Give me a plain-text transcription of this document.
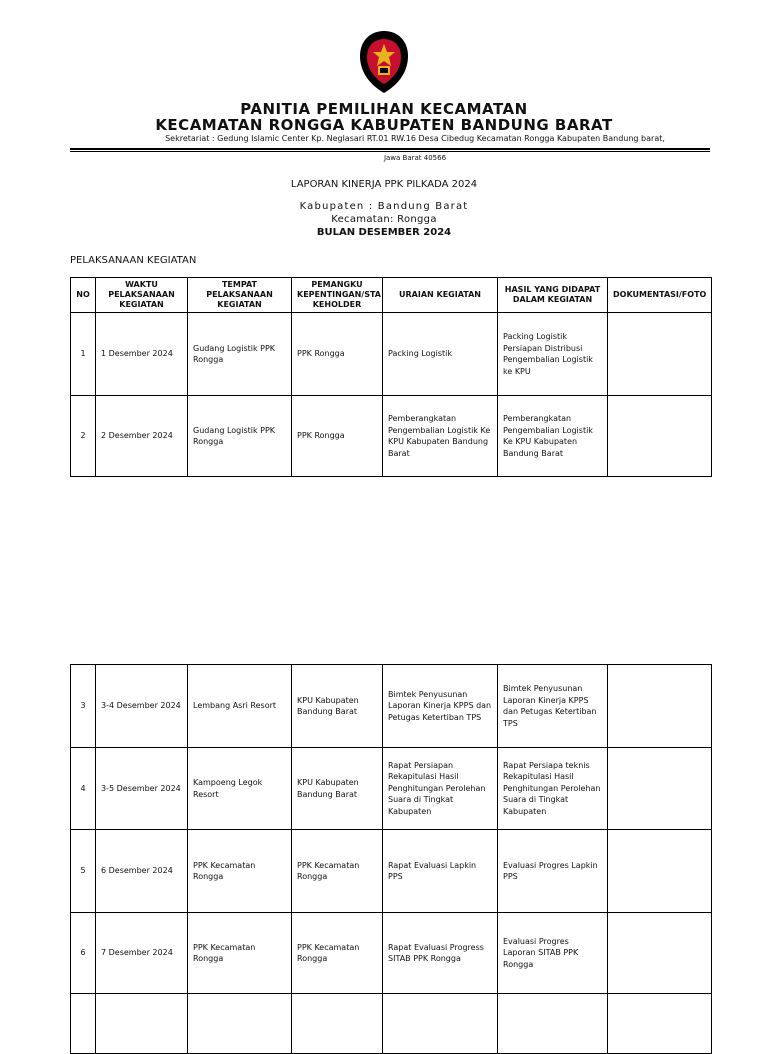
PANITIA PEMILIHAN KECAMATAN
KECAMATAN RONGGA KABUPATEN BANDUNG BARAT
Sekretariat : Gedung Islamic Center Kp. Neglasari RT.01 RW.16 Desa Cibedug Kecamatan Rongga Kabupaten Bandung barat,
Jawa Barat 40566
LAPORAN KINERJA PPK PILKADA 2024
Kabupaten : Bandung Barat
Kecamatan: Rongga
BULAN DESEMBER 2024
PELAKSANAAN KEGIATAN
NO	WAKTU PELAKSANAAN KEGIATAN	TEMPAT PELAKSANAAN KEGIATAN	PEMANGKU KEPENTINGAN/STA KEHOLDER	URAIAN KEGIATAN	HASIL YANG DIDAPAT DALAM KEGIATAN	DOKUMENTASI/FOTO
1	1 Desember 2024	Gudang Logistik PPK Rongga	PPK Rongga	Packing Logistik	Packing Logistik Persiapan Distribusi Pengembalian Logistik ke KPU	
2	2 Desember 2024	Gudang Logistik PPK Rongga	PPK Rongga	Pemberangkatan Pengembalian Logistik Ke KPU Kabupaten Bandung Barat	Pemberangkatan Pengembalian Logistik Ke KPU Kabupaten Bandung Barat	
3	3-4 Desember 2024	Lembang Asri Resort	KPU Kabupaten Bandung Barat	Bimtek Penyusunan Laporan Kinerja KPPS dan Petugas Ketertiban TPS	Bimtek Penyusunan Laporan Kinerja KPPS dan Petugas Ketertiban TPS	
4	3-5 Desember 2024	Kampoeng Legok Resort	KPU Kabupaten Bandung Barat	Rapat Persiapan Rekapitulasi Hasil Penghitungan Perolehan Suara di Tingkat Kabupaten	Rapat Persiapa teknis Rekapitulasi Hasil Penghitungan Perolehan Suara di Tingkat Kabupaten	
5	6 Desember 2024	PPK Kecamatan Rongga	PPK Kecamatan Rongga	Rapat Evaluasi Lapkin PPS	Evaluasi Progres Lapkin PPS	
6	7 Desember 2024	PPK Kecamatan Rongga	PPK Kecamatan Rongga	Rapat Evaluasi Progress SITAB PPK Rongga	Evaluasi Progres Laporan SITAB PPK Rongga	
